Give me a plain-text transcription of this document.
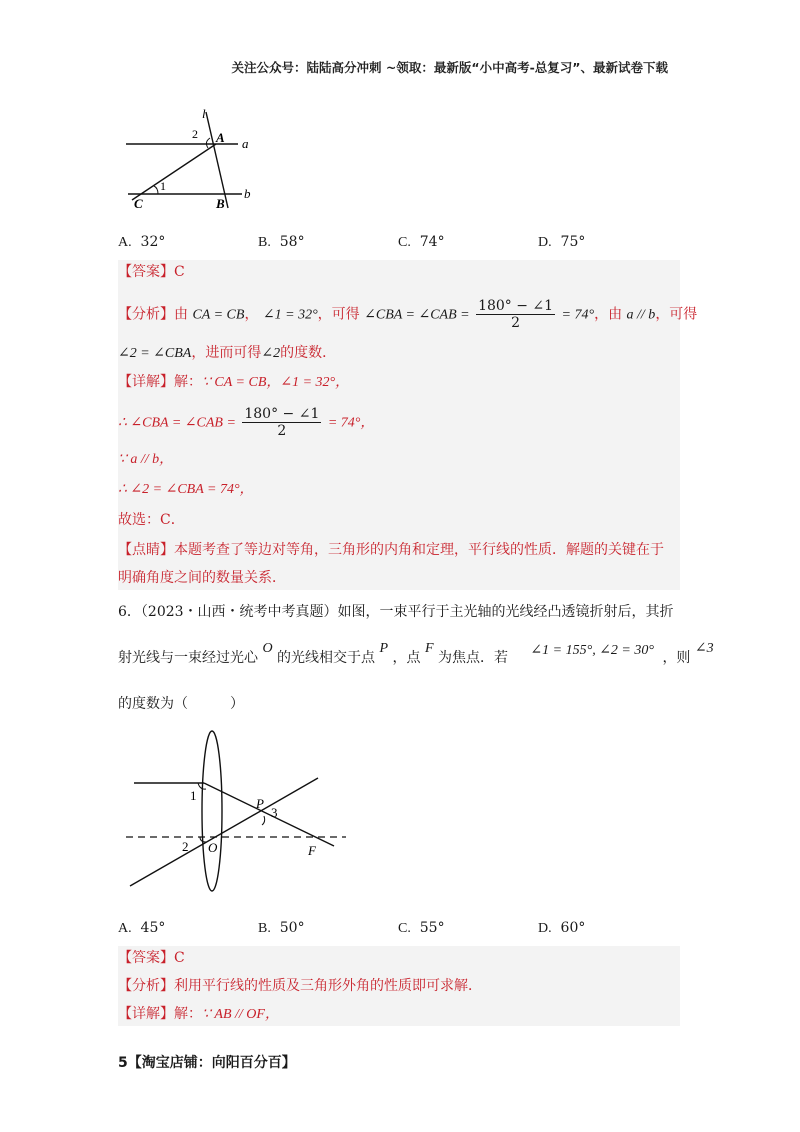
关注公众号：陆陆高分冲刺 ~领取：最新版“小中高考-总复习”、最新试卷下载
l
2 A a
1
C	B
b
A. 32°	B. 58°	C. 74°	D. 75°
【答案】C
【分析】由 CA = CB， ∠1 = 32°，可得 ∠CBA = ∠CAB = $\frac{180^\circ - \angle 1}{2} = 74^\circ$，由 a // b，可得
∠2 = ∠CBA，进而可得∠2的度数．
【详解】解：∵ CA = CB，∠1 = 32°，
∴ ∠CBA = ∠CAB = $\frac{180^\circ - \angle 1}{2} = 74^\circ$，
∵ a // b，
∴ ∠2 = ∠CBA = 74°，
故选：C．
【点睛】本题考查了等边对等角，三角形的内角和定理，平行线的性质．解题的关键在于
明确角度之间的数量关系．
6．（2023・山西・统考中考真题）如图，一束平行于主光轴的光线经凸透镜折射后，其折
射光线与一束经过光心 O 的光线相交于点 P ，点 F 为焦点．若 ∠1 = 155°, ∠2 = 30° ，则 ∠3
的度数为（　　　）
1
P
3
2 O	F
A. 45°	B. 50°	C. 55°	D. 60°
【答案】C
【分析】利用平行线的性质及三角形外角的性质即可求解．
【详解】解：∵ AB // OF，
5【淘宝店铺：向阳百分百】
